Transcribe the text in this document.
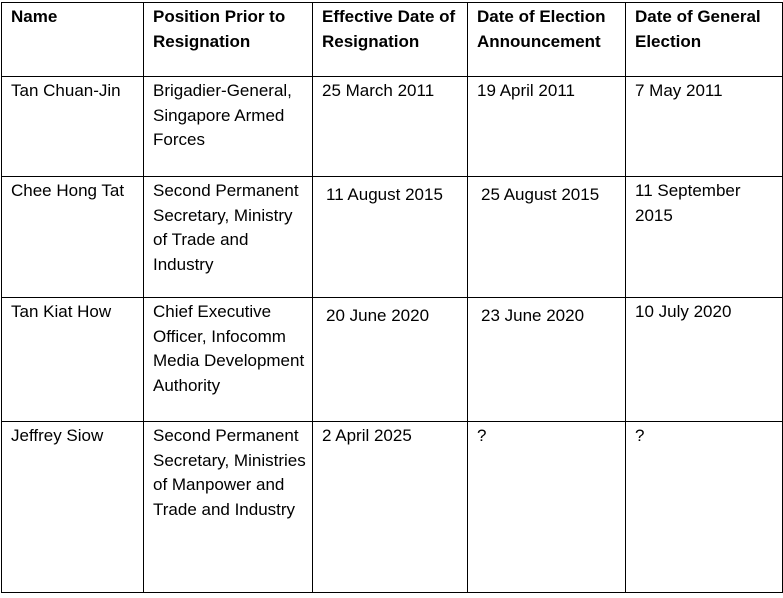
Name	Position Prior to Resignation	Effective Date of Resignation	Date of Election Announcement	Date of General Election
Tan Chuan-Jin	Brigadier-General, Singapore Armed Forces	25 March 2011	19 April 2011	7 May 2011
Chee Hong Tat	Second Permanent Secretary, Ministry of Trade and Industry	11 August 2015	25 August 2015	11 September 2015
Tan Kiat How	Chief Executive Officer, Infocomm Media Development Authority	20 June 2020	23 June 2020	10 July 2020
Jeffrey Siow	Second Permanent Secretary, Ministries of Manpower and Trade and Industry	2 April 2025	?	?
